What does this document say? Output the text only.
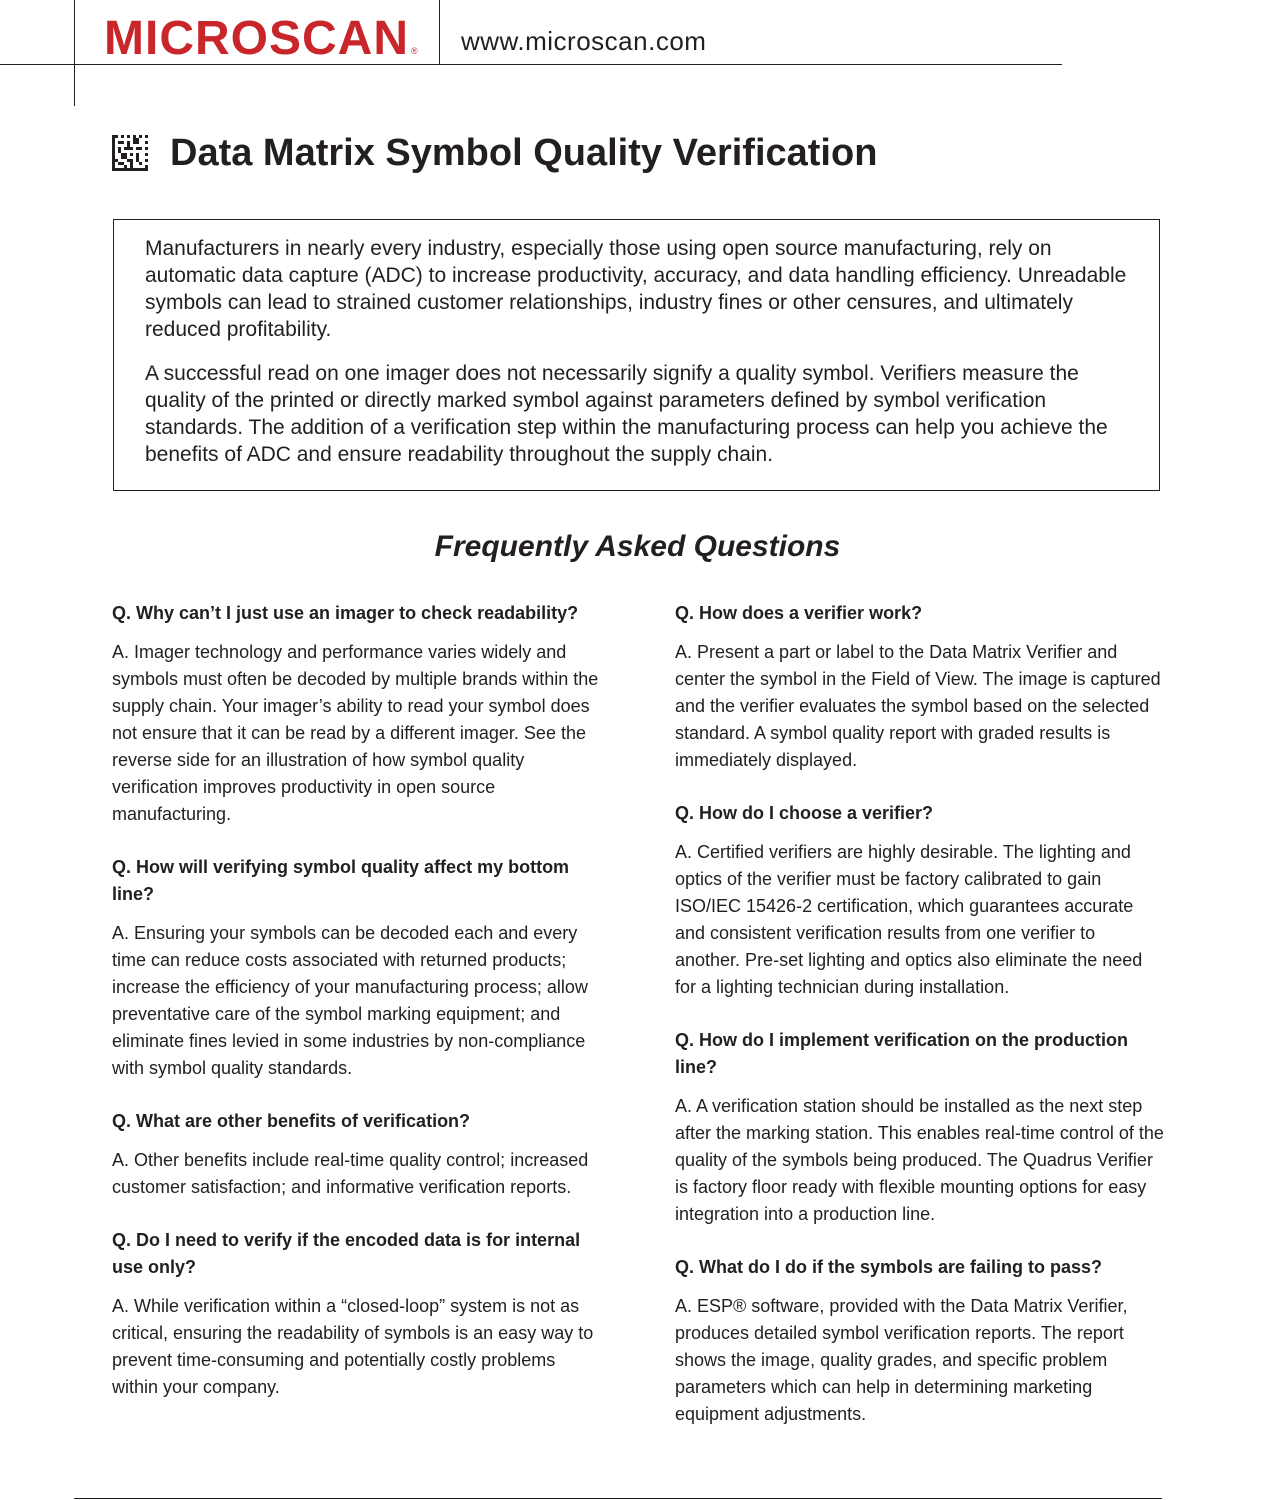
MICROSCAN ® www.microscan.com
Data Matrix Symbol Quality Verification

Manufacturers in nearly every industry, especially those using open source manufacturing, rely on automatic data capture (ADC) to increase productivity, accuracy, and data handling efficiency. Unreadable symbols can lead to strained customer relationships, industry fines or other censures, and ultimately reduced profitability.

A successful read on one imager does not necessarily signify a quality symbol. Verifiers measure the quality of the printed or directly marked symbol against parameters defined by symbol verification standards. The addition of a verification step within the manufacturing process can help you achieve the benefits of ADC and ensure readability throughout the supply chain.

Frequently Asked Questions

Q. Why can’t I just use an imager to check readability?

A. Imager technology and performance varies widely and symbols must often be decoded by multiple brands within the supply chain. Your imager’s ability to read your symbol does not ensure that it can be read by a different imager. See the reverse side for an illustration of how symbol quality verification improves productivity in open source manufacturing.

Q. How will verifying symbol quality affect my bottom line?

A. Ensuring your symbols can be decoded each and every time can reduce costs associated with returned products; increase the efficiency of your manufacturing process; allow preventative care of the symbol marking equipment; and eliminate fines levied in some industries by non-compliance with symbol quality standards.

Q. What are other benefits of verification?

A. Other benefits include real-time quality control; increased customer satisfaction; and informative verification reports.

Q. Do I need to verify if the encoded data is for internal use only?

A. While verification within a “closed-loop” system is not as critical, ensuring the readability of symbols is an easy way to prevent time-consuming and potentially costly problems within your company.

Q. How does a verifier work?

A. Present a part or label to the Data Matrix Verifier and center the symbol in the Field of View. The image is captured and the verifier evaluates the symbol based on the selected standard. A symbol quality report with graded results is immediately displayed.

Q. How do I choose a verifier?

A. Certified verifiers are highly desirable. The lighting and optics of the verifier must be factory calibrated to gain ISO/IEC 15426-2 certification, which guarantees accurate and consistent verification results from one verifier to another. Pre-set lighting and optics also eliminate the need for a lighting technician during installation.

Q. How do I implement verification on the production line?

A. A verification station should be installed as the next step after the marking station. This enables real-time control of the quality of the symbols being produced. The Quadrus Verifier is factory floor ready with flexible mounting options for easy integration into a production line.

Q. What do I do if the symbols are failing to pass?

A. ESP® software, provided with the Data Matrix Verifier, produces detailed symbol verification reports. The report shows the image, quality grades, and specific problem parameters which can help in determining marketing equipment adjustments.
